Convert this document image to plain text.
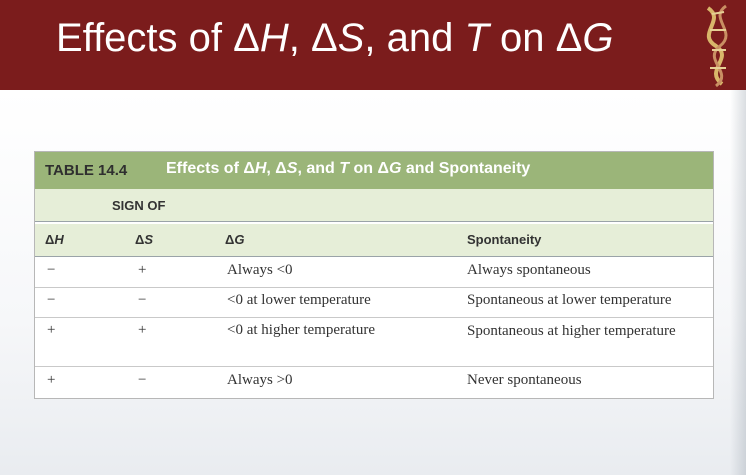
Effects of ΔH, ΔS, and T on ΔG
TABLE 14.4 Effects of ΔH, ΔS, and T on ΔG and Spontaneity
SIGN OF
ΔH	ΔS	ΔG	Spontaneity
−	+	Always <0	Always spontaneous
−	−	<0 at lower temperature	Spontaneous at lower temperature
+	+	<0 at higher temperature	Spontaneous at higher temperature
+	−	Always >0	Never spontaneous
